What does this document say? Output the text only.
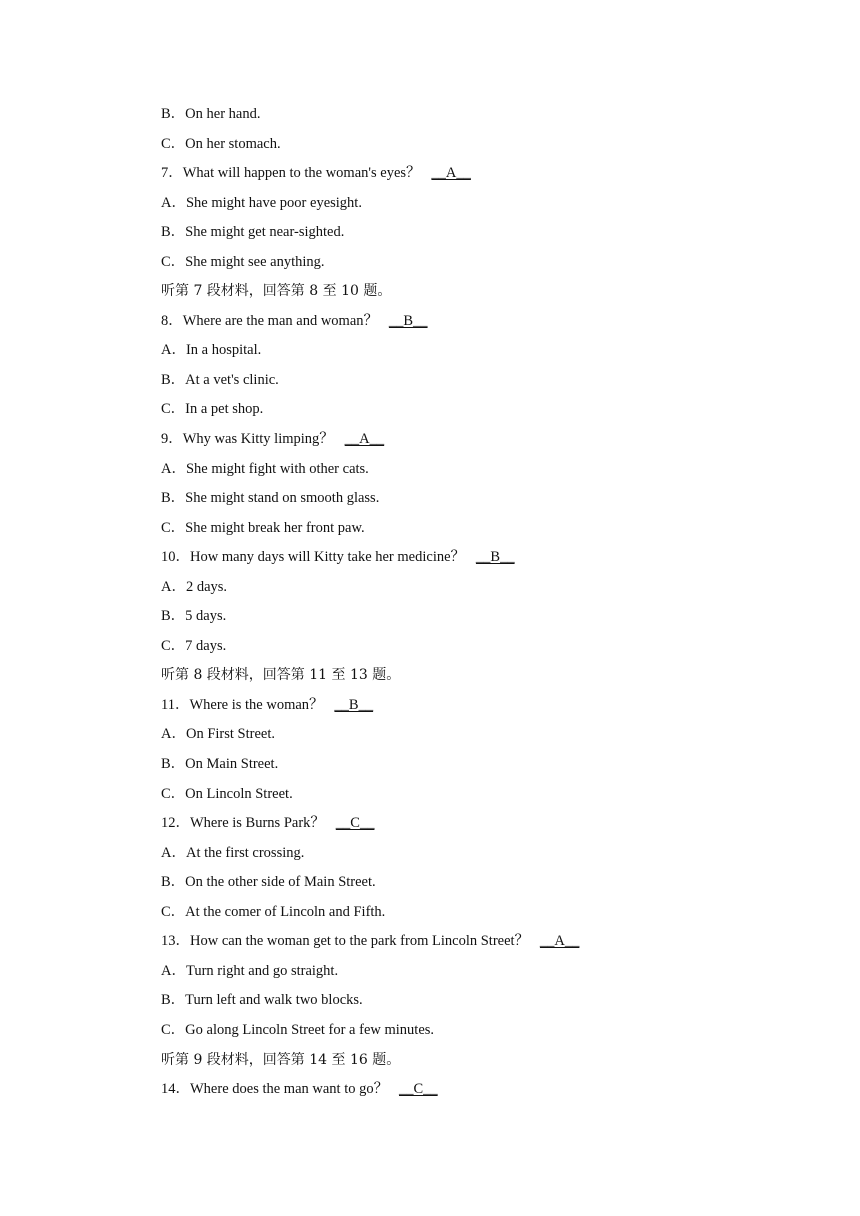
B．On her hand.
C．On her stomach.
7．What will happen to the woman's eyes？ __A__
A．She might have poor eyesight.
B．She might get near-sighted.
C．She might see anything.
听第 7 段材料，回答第 8 至 10 题。
8．Where are the man and woman？ __B__
A．In a hospital.
B．At a vet's clinic.
C．In a pet shop.
9．Why was Kitty limping？ __A__
A．She might fight with other cats.
B．She might stand on smooth glass.
C．She might break her front paw.
10．How many days will Kitty take her medicine？ __B__
A．2 days.
B．5 days.
C．7 days.
听第 8 段材料，回答第 11 至 13 题。
11．Where is the woman？ __B__
A．On First Street.
B．On Main Street.
C．On Lincoln Street.
12．Where is Burns Park？ __C__
A．At the first crossing.
B．On the other side of Main Street.
C．At the comer of Lincoln and Fifth.
13．How can the woman get to the park from Lincoln Street？ __A__
A．Turn right and go straight.
B．Turn left and walk two blocks.
C．Go along Lincoln Street for a few minutes.
听第 9 段材料，回答第 14 至 16 题。
14．Where does the man want to go？ __C__
